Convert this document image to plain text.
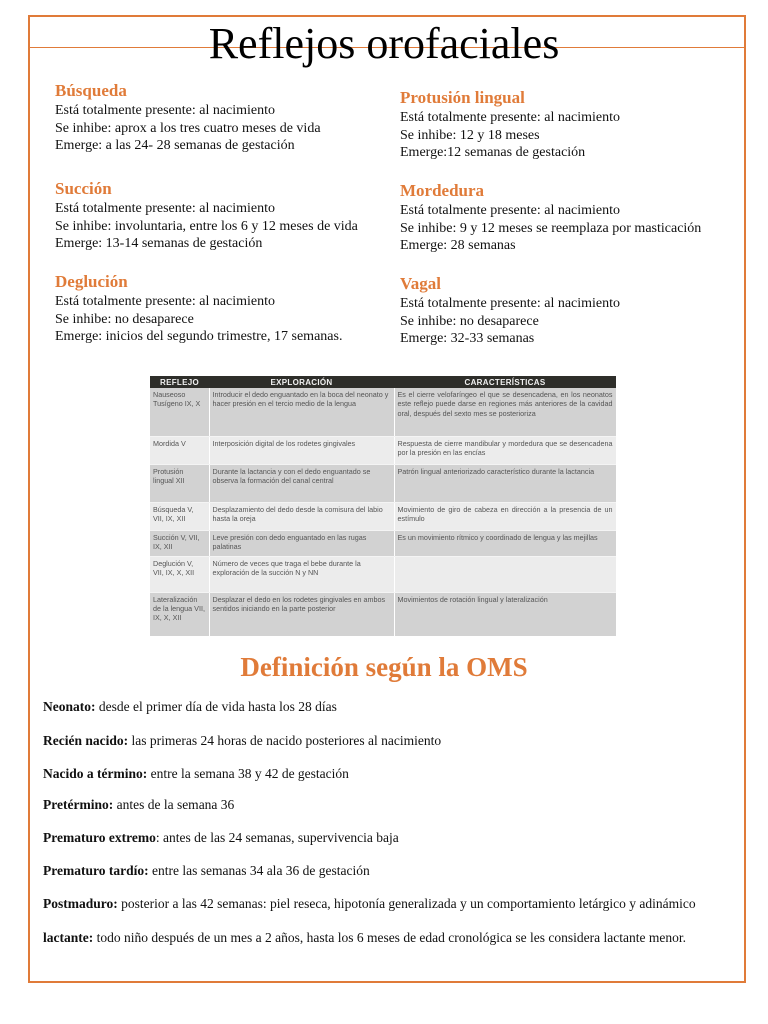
Reflejos orofaciales
Búsqueda

Está totalmente presente: al nacimiento

Se inhibe: aprox a los tres cuatro meses de vida

Emerge: a las 24- 28 semanas de gestación

Succión

Está totalmente presente: al nacimiento

Se inhibe: involuntaria, entre los 6 y 12 meses de vida

Emerge: 13-14 semanas de gestación

Deglución

Está totalmente presente: al nacimiento

Se inhibe: no desaparece

Emerge: inicios del segundo trimestre, 17 semanas.

Protusión lingual

Está totalmente presente: al nacimiento

Se inhibe: 12 y 18 meses

Emerge:12 semanas de gestación

Mordedura

Está totalmente presente: al nacimiento

Se inhibe: 9 y 12 meses se reemplaza por masticación

Emerge: 28 semanas

Vagal

Está totalmente presente: al nacimiento

Se inhibe: no desaparece

Emerge: 32-33 semanas

REFLEJO	EXPLORACIÓN	CARACTERÍSTICAS
Nauseoso Tusígeno IX, X	Introducir el dedo enguantado en la boca del neonato y hacer presión en el tercio medio de la lengua	Es el cierre velofaríngeo el que se desencadena, en los neonatos este reflejo puede darse en regiones más anteriores de la cavidad oral, después del sexto mes se posterioriza
Mordida V	Interposición digital de los rodetes gingivales	Respuesta de cierre mandibular y mordedura que se desencadena por la presión en las encías
Protusión lingual XII	Durante la lactancia y con el dedo enguantado se observa la formación del canal central	Patrón lingual anteriorizado característico durante la lactancia
Búsqueda V, VII, IX, XII	Desplazamiento del dedo desde la comisura del labio hasta la oreja	Movimiento de giro de cabeza en dirección a la presencia de un estímulo
Succión V, VII, IX, XII	Leve presión con dedo enguantado en las rugas palatinas	Es un movimiento rítmico y coordinado de lengua y las mejillas
Deglución V, VII, IX, X, XII	Número de veces que traga el bebe durante la exploración de la succión N y NN	
Lateralización de la lengua VII, IX, X, XII	Desplazar el dedo en los rodetes gingivales en ambos sentidos iniciando en la parte posterior	Movimientos de rotación lingual y lateralización
Definición según la OMS

Neonato: desde el primer día de vida hasta los 28 días

Recién nacido: las primeras 24 horas de nacido posteriores al nacimiento

Nacido a término: entre la semana 38 y 42 de gestación

Pretérmino: antes de la semana 36

Prematuro extremo: antes de las 24 semanas, supervivencia baja

Prematuro tardío: entre las semanas 34 ala 36 de gestación

Postmaduro: posterior a las 42 semanas: piel reseca, hipotonía generalizada y un comportamiento letárgico y adinámico

lactante: todo niño después de un mes a 2 años, hasta los 6 meses de edad cronológica se les considera lactante menor.
